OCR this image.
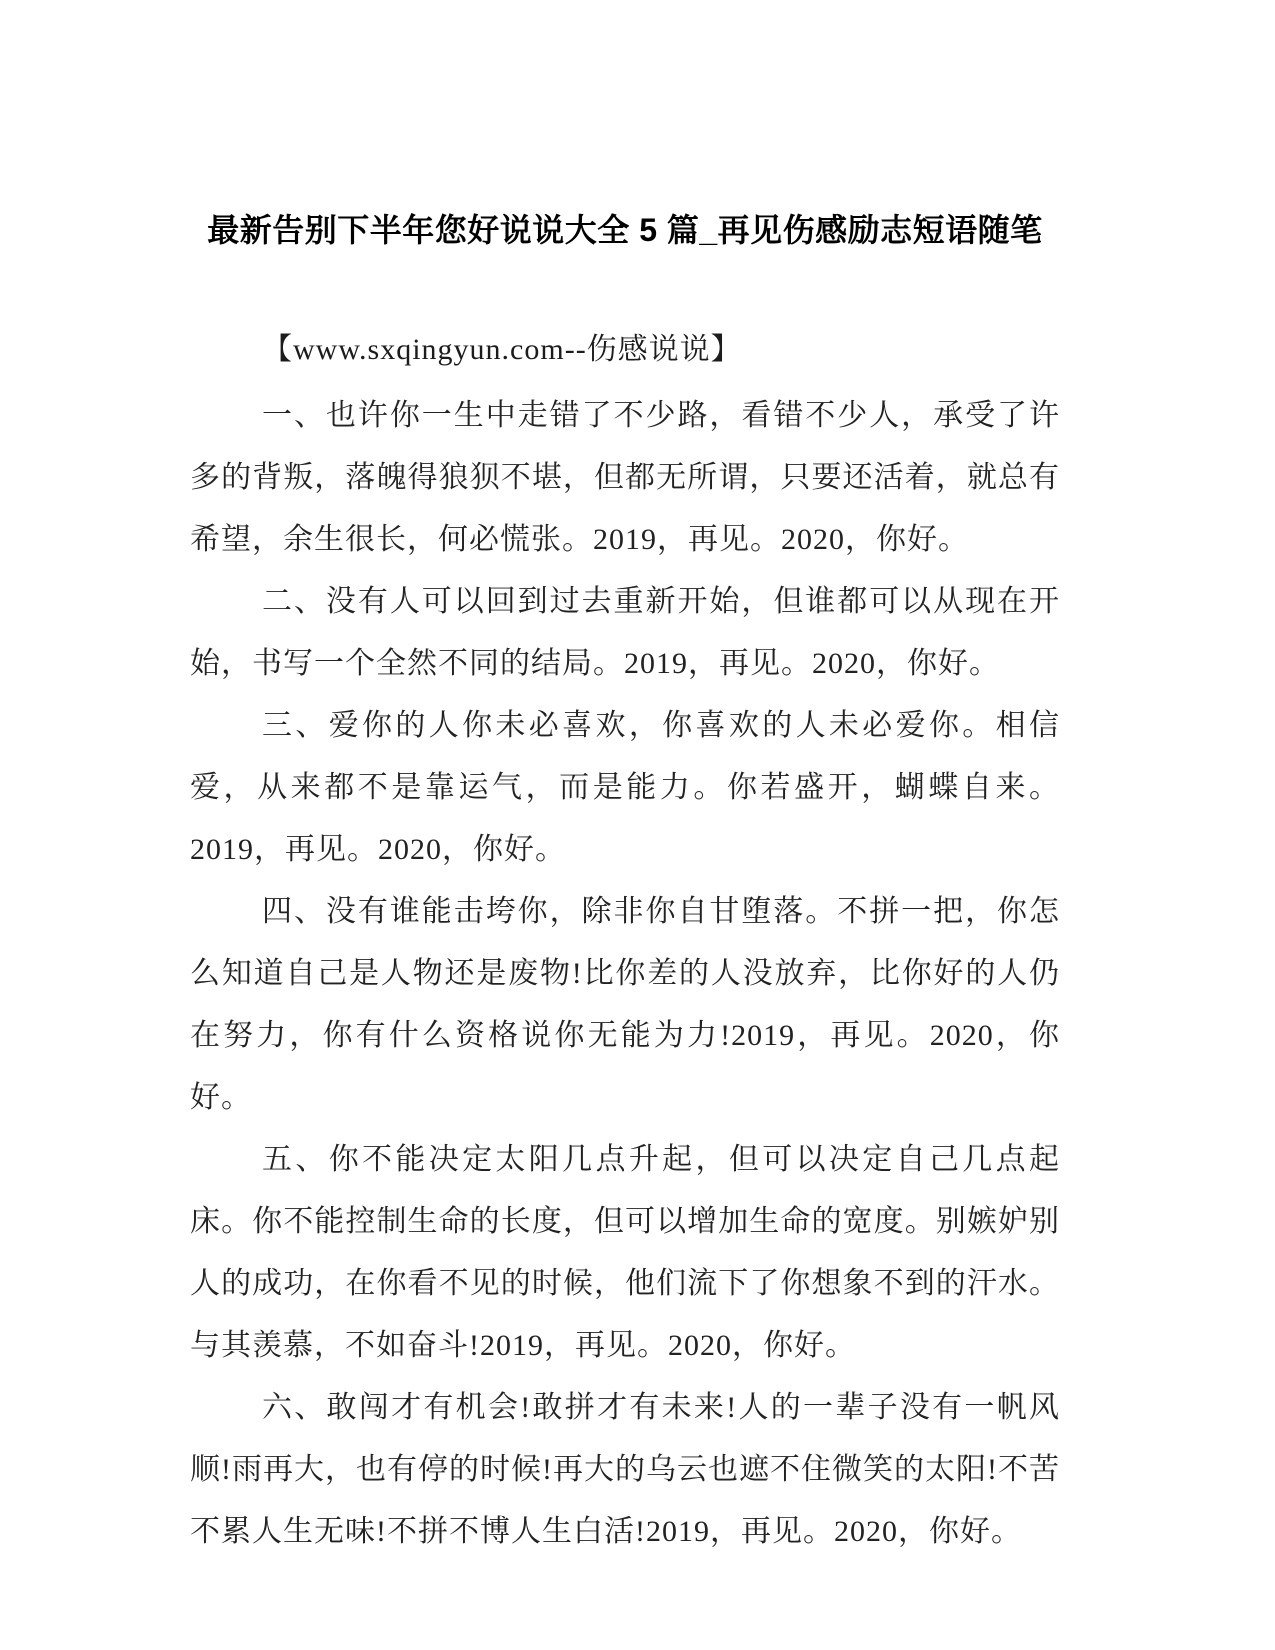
最新告别下半年您好说说大全 5 篇_再见伤感励志短语随笔

【www.sxqingyun.com--伤感说说】

一、也许你一生中走错了不少路，看错不少人，承受了许多的背叛，落魄得狼狈不堪，但都无所谓，只要还活着，就总有希望，余生很长，何必慌张。2019，再见。2020，你好。

二、没有人可以回到过去重新开始，但谁都可以从现在开始，书写一个全然不同的结局。2019，再见。2020，你好。

三、爱你的人你未必喜欢，你喜欢的人未必爱你。相信爱，从来都不是靠运气，而是能力。你若盛开，蝴蝶自来。2019，再见。2020，你好。

四、没有谁能击垮你，除非你自甘堕落。不拼一把，你怎么知道自己是人物还是废物!比你差的人没放弃，比你好的人仍在努力，你有什么资格说你无能为力!2019，再见。2020，你好。

五、你不能决定太阳几点升起，但可以决定自己几点起床。你不能控制生命的长度，但可以增加生命的宽度。别嫉妒别人的成功，在你看不见的时候，他们流下了你想象不到的汗水。与其羡慕，不如奋斗!2019，再见。2020，你好。

六、敢闯才有机会!敢拼才有未来!人的一辈子没有一帆风顺!雨再大，也有停的时候!再大的乌云也遮不住微笑的太阳!不苦不累人生无味!不拼不博人生白活!2019，再见。2020，你好。
